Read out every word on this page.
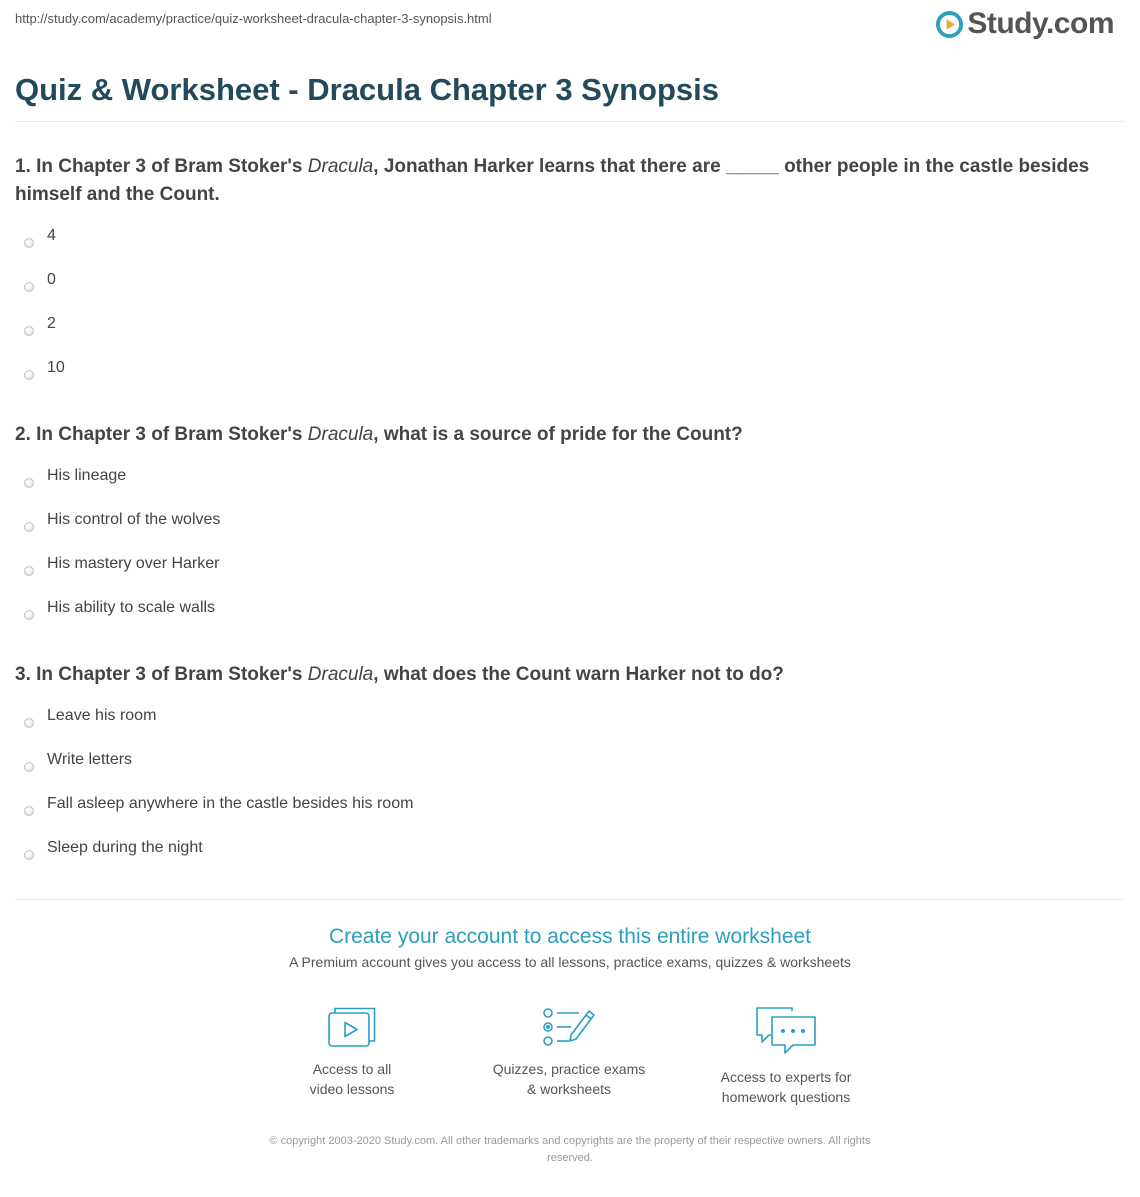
http://study.com/academy/practice/quiz-worksheet-dracula-chapter-3-synopsis.html	Study.com
Quiz & Worksheet - Dracula Chapter 3 Synopsis

1. In Chapter 3 of Bram Stoker's Dracula, Jonathan Harker learns that there are _____ other people in the castle besides himself and the Count.

4
0
2
10

2. In Chapter 3 of Bram Stoker's Dracula, what is a source of pride for the Count?

His lineage
His control of the wolves
His mastery over Harker
His ability to scale walls

3. In Chapter 3 of Bram Stoker's Dracula, what does the Count warn Harker not to do?

Leave his room
Write letters
Fall asleep anywhere in the castle besides his room
Sleep during the night
Create your account to access this entire worksheet
A Premium account gives you access to all lessons, practice exams, quizzes & worksheets
Access to all
video lessons
Quizzes, practice exams
& worksheets
Access to experts for
homework questions
© copyright 2003-2020 Study.com. All other trademarks and copyrights are the property of their respective owners. All rights
reserved.
